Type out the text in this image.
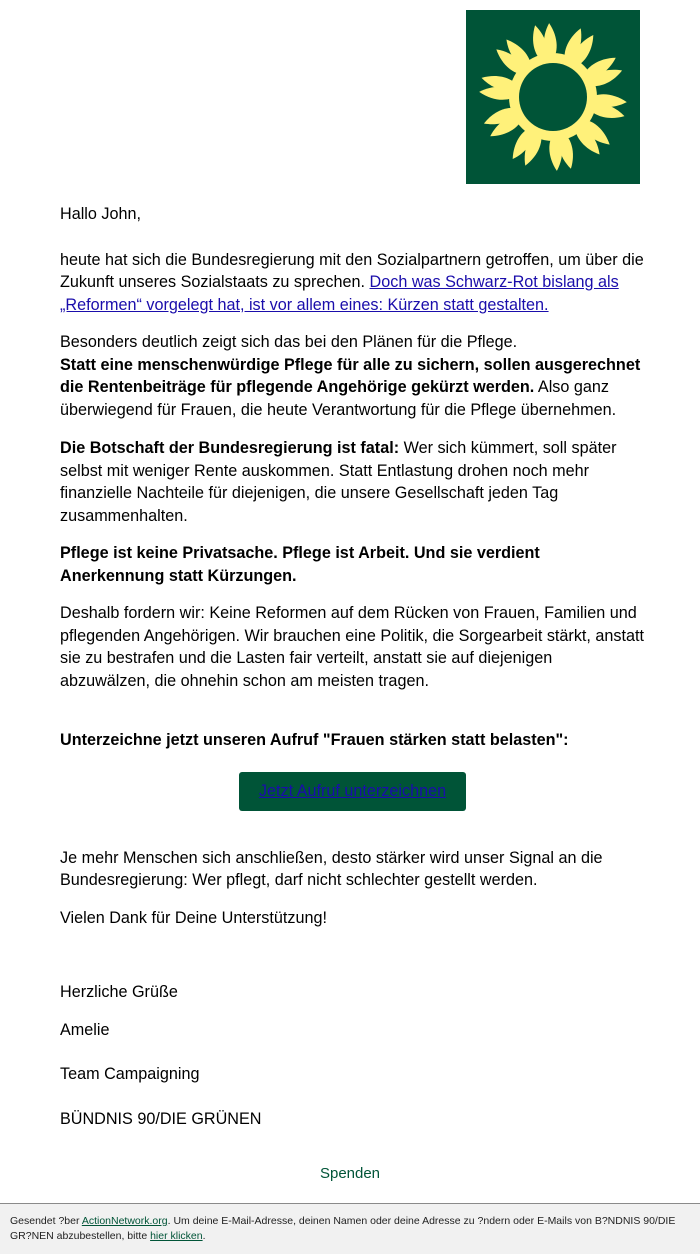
Hallo John,

heute hat sich die Bundesregierung mit den Sozialpartnern getroffen, um über die Zukunft unseres Sozialstaats zu sprechen. Doch was Schwarz-Rot bislang als „Reformen“ vorgelegt hat, ist vor allem eines: Kürzen statt gestalten.

Besonders deutlich zeigt sich das bei den Plänen für die Pflege.
Statt eine menschenwürdige Pflege für alle zu sichern, sollen ausgerechnet die Rentenbeiträge für pflegende Angehörige gekürzt werden. Also ganz überwiegend für Frauen, die heute Verantwortung für die Pflege übernehmen.

Die Botschaft der Bundesregierung ist fatal: Wer sich kümmert, soll später selbst mit weniger Rente auskommen. Statt Entlastung drohen noch mehr finanzielle Nachteile für diejenigen, die unsere Gesellschaft jeden Tag zusammenhalten.

Pflege ist keine Privatsache. Pflege ist Arbeit. Und sie verdient Anerkennung statt Kürzungen.

Deshalb fordern wir: Keine Reformen auf dem Rücken von Frauen, Familien und pflegenden Angehörigen. Wir brauchen eine Politik, die Sorgearbeit stärkt, anstatt sie zu bestrafen und die Lasten fair verteilt, anstatt sie auf diejenigen abzuwälzen, die ohnehin schon am meisten tragen.

Unterzeichne jetzt unseren Aufruf "Frauen stärken statt belasten":

Jetzt Aufruf unterzeichnen

Je mehr Menschen sich anschließen, desto stärker wird unser Signal an die Bundesregierung: Wer pflegt, darf nicht schlechter gestellt werden.

Vielen Dank für Deine Unterstützung!

Herzliche Grüße

Amelie

Team Campaigning

BÜNDNIS 90/DIE GRÜNEN

Spenden
Gesendet ?ber ActionNetwork.org. Um deine E-Mail-Adresse, deinen Namen oder deine Adresse zu ?ndern oder E-Mails von B?NDNIS 90/DIE GR?NEN abzubestellen, bitte hier klicken.
